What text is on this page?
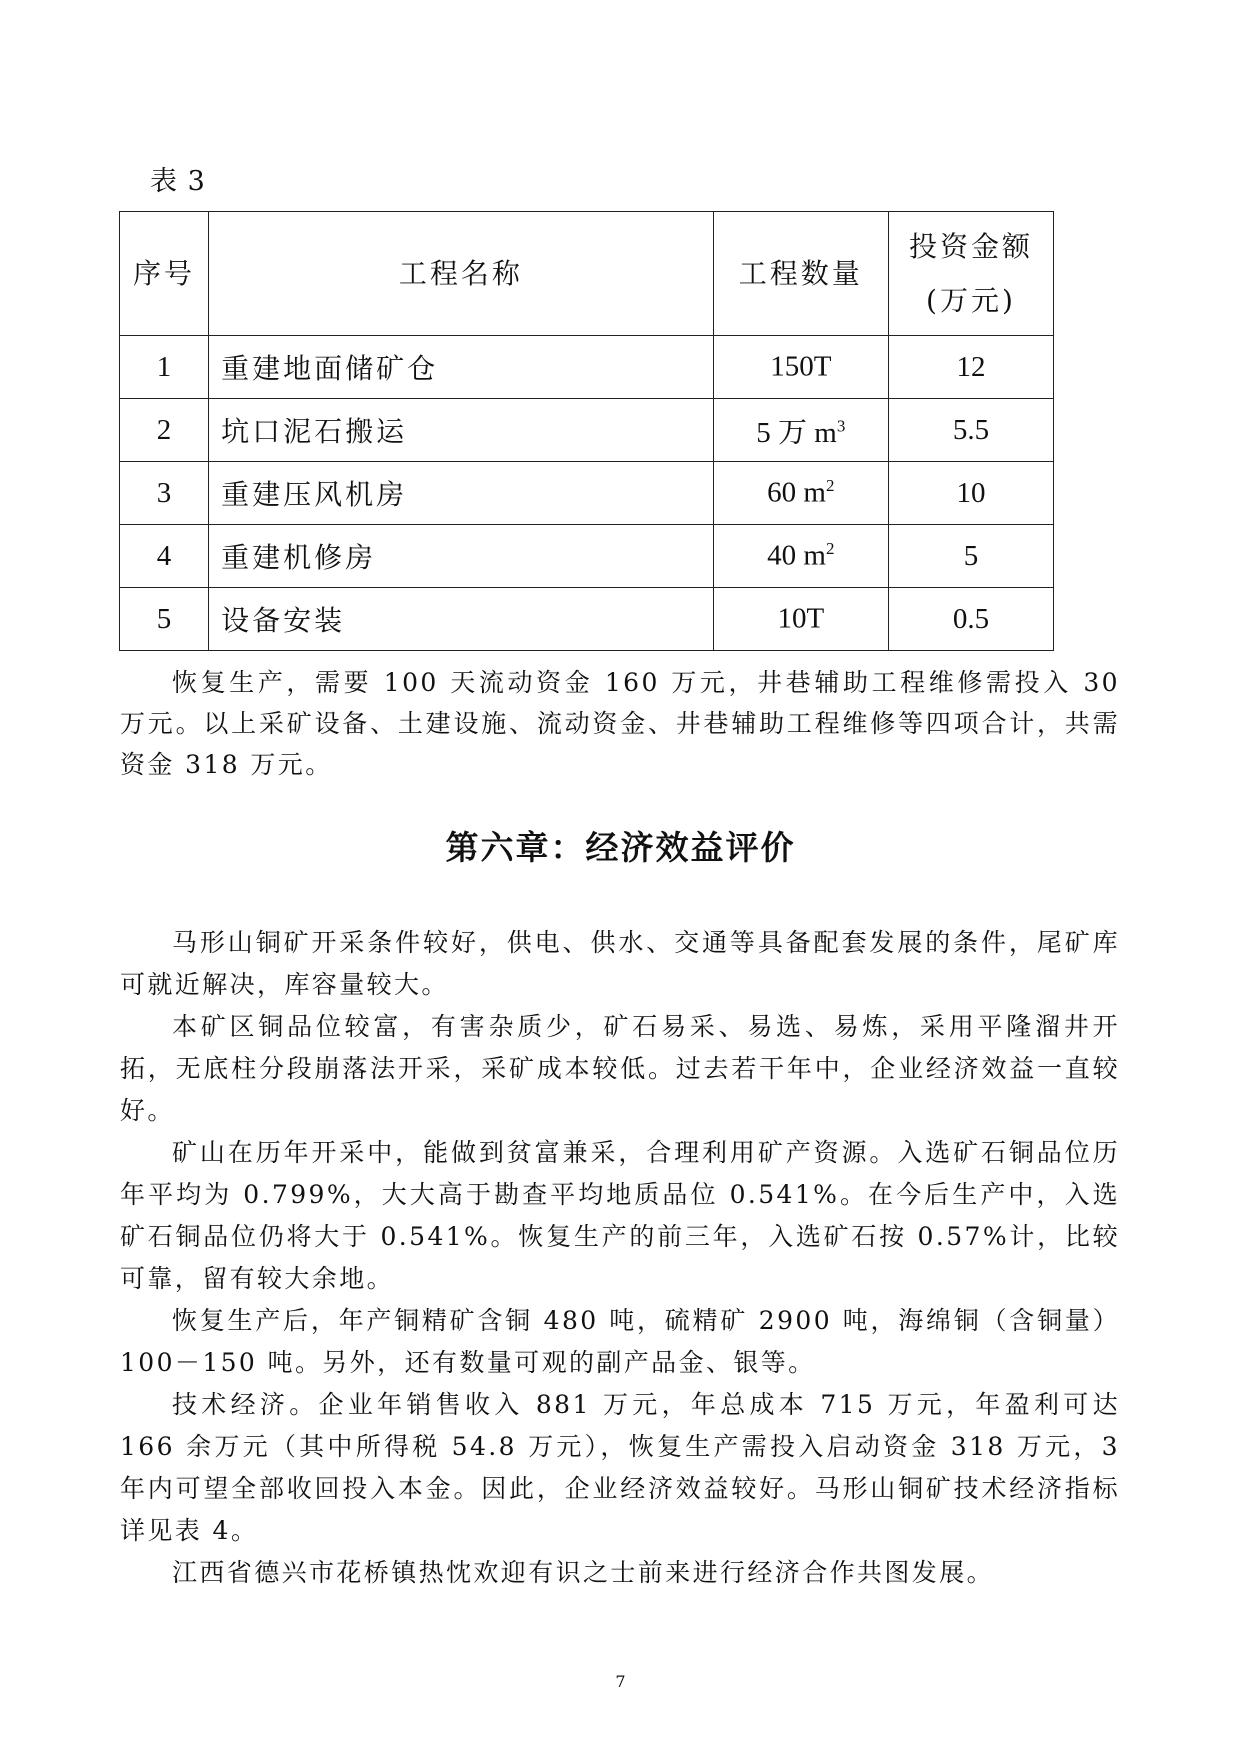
表 3
序号	工程名称	工程数量	投资金额
(万元)

1	重建地面储矿仓	150T	12
2	坑口泥石搬运	5 万 $m^3$	5.5
3	重建压风机房	60 $m^2$	10
4	重建机修房	40 $m^2$	5
5	设备安装	10T	0.5

恢复生产，需要 100 天流动资金 160 万元，井巷辅助工程维修需投入 30 万元。以上采矿设备、土建设施、流动资金、井巷辅助工程维修等四项合计，共需资金 318 万元。

第六章：经济效益评价

马形山铜矿开采条件较好，供电、供水、交通等具备配套发展的条件，尾矿库可就近解决，库容量较大。

本矿区铜品位较富，有害杂质少，矿石易采、易选、易炼，采用平隆溜井开拓，无底柱分段崩落法开采，采矿成本较低。过去若干年中，企业经济效益一直较好。

矿山在历年开采中，能做到贫富兼采，合理利用矿产资源。入选矿石铜品位历年平均为 0.799%，大大高于勘查平均地质品位 0.541%。在今后生产中，入选矿石铜品位仍将大于 0.541%。恢复生产的前三年，入选矿石按 0.57%计，比较可靠，留有较大余地。

恢复生产后，年产铜精矿含铜 480 吨，硫精矿 2900 吨，海绵铜（含铜量）100－150 吨。另外，还有数量可观的副产品金、银等。

技术经济。企业年销售收入 881 万元，年总成本 715 万元，年盈利可达 166 余万元（其中所得税 54.8 万元），恢复生产需投入启动资金 318 万元，3 年内可望全部收回投入本金。因此，企业经济效益较好。马形山铜矿技术经济指标详见表 4。

江西省德兴市花桥镇热忱欢迎有识之士前来进行经济合作共图发展。

7
